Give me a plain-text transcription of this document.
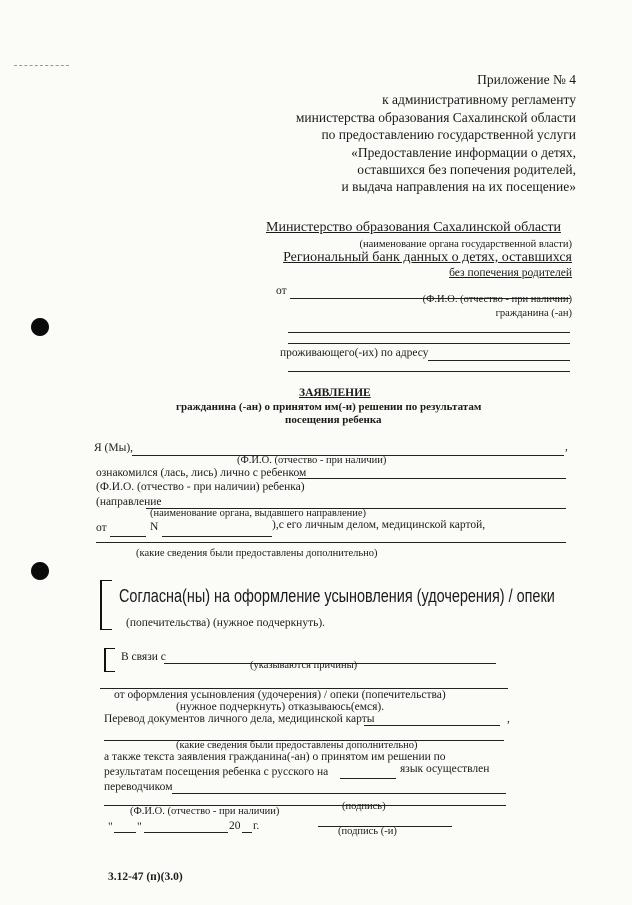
Приложение № 4
к административному регламенту
министерства образования Сахалинской области
по предоставлению государственной услуги
«Предоставление информации о детях,
оставшихся без попечения родителей,
и выдача направления на их посещение»
Министерство образования Сахалинской области
(наименование органа государственной власти)
Региональный банк данных о детях, оставшихся
без попечения родителей
от
(Ф.И.О. (отчество - при наличии)
гражданина (-ан)
проживающего(-их) по адресу
ЗАЯВЛЕНИЕ
гражданина (-ан) о принятом им(-и) решении по результатам
посещения ребенка
Я (Мы),	,
(Ф.И.О. (отчество - при наличии)
ознакомился (лась, лись) лично с ребенком
(Ф.И.О. (отчество - при наличии) ребенка)
(направление
(наименование органа, выдавшего направление)
от	N	),с его личным делом, медицинской картой,
(какие сведения были предоставлены дополнительно)
Согласна(ны) на оформление усыновления (удочерения) / опеки
(попечительства) (нужное подчеркнуть).
В связи с
(указываются причины)
от оформления усыновления (удочерения) / опеки (попечительства)
(нужное подчеркнуть) отказываюсь(емся).
Перевод документов личного дела, медицинской карты	,
(какие сведения были предоставлены дополнительно)
а также текста заявления гражданина(-ан) о принятом им решении по
результатам посещения ребенка с русского на	язык осуществлен
переводчиком
(Ф.И.О. (отчество - при наличии)	(подпись)
" "	20 г.	(подпись (-и)
3.12-47 (п)(3.0)
